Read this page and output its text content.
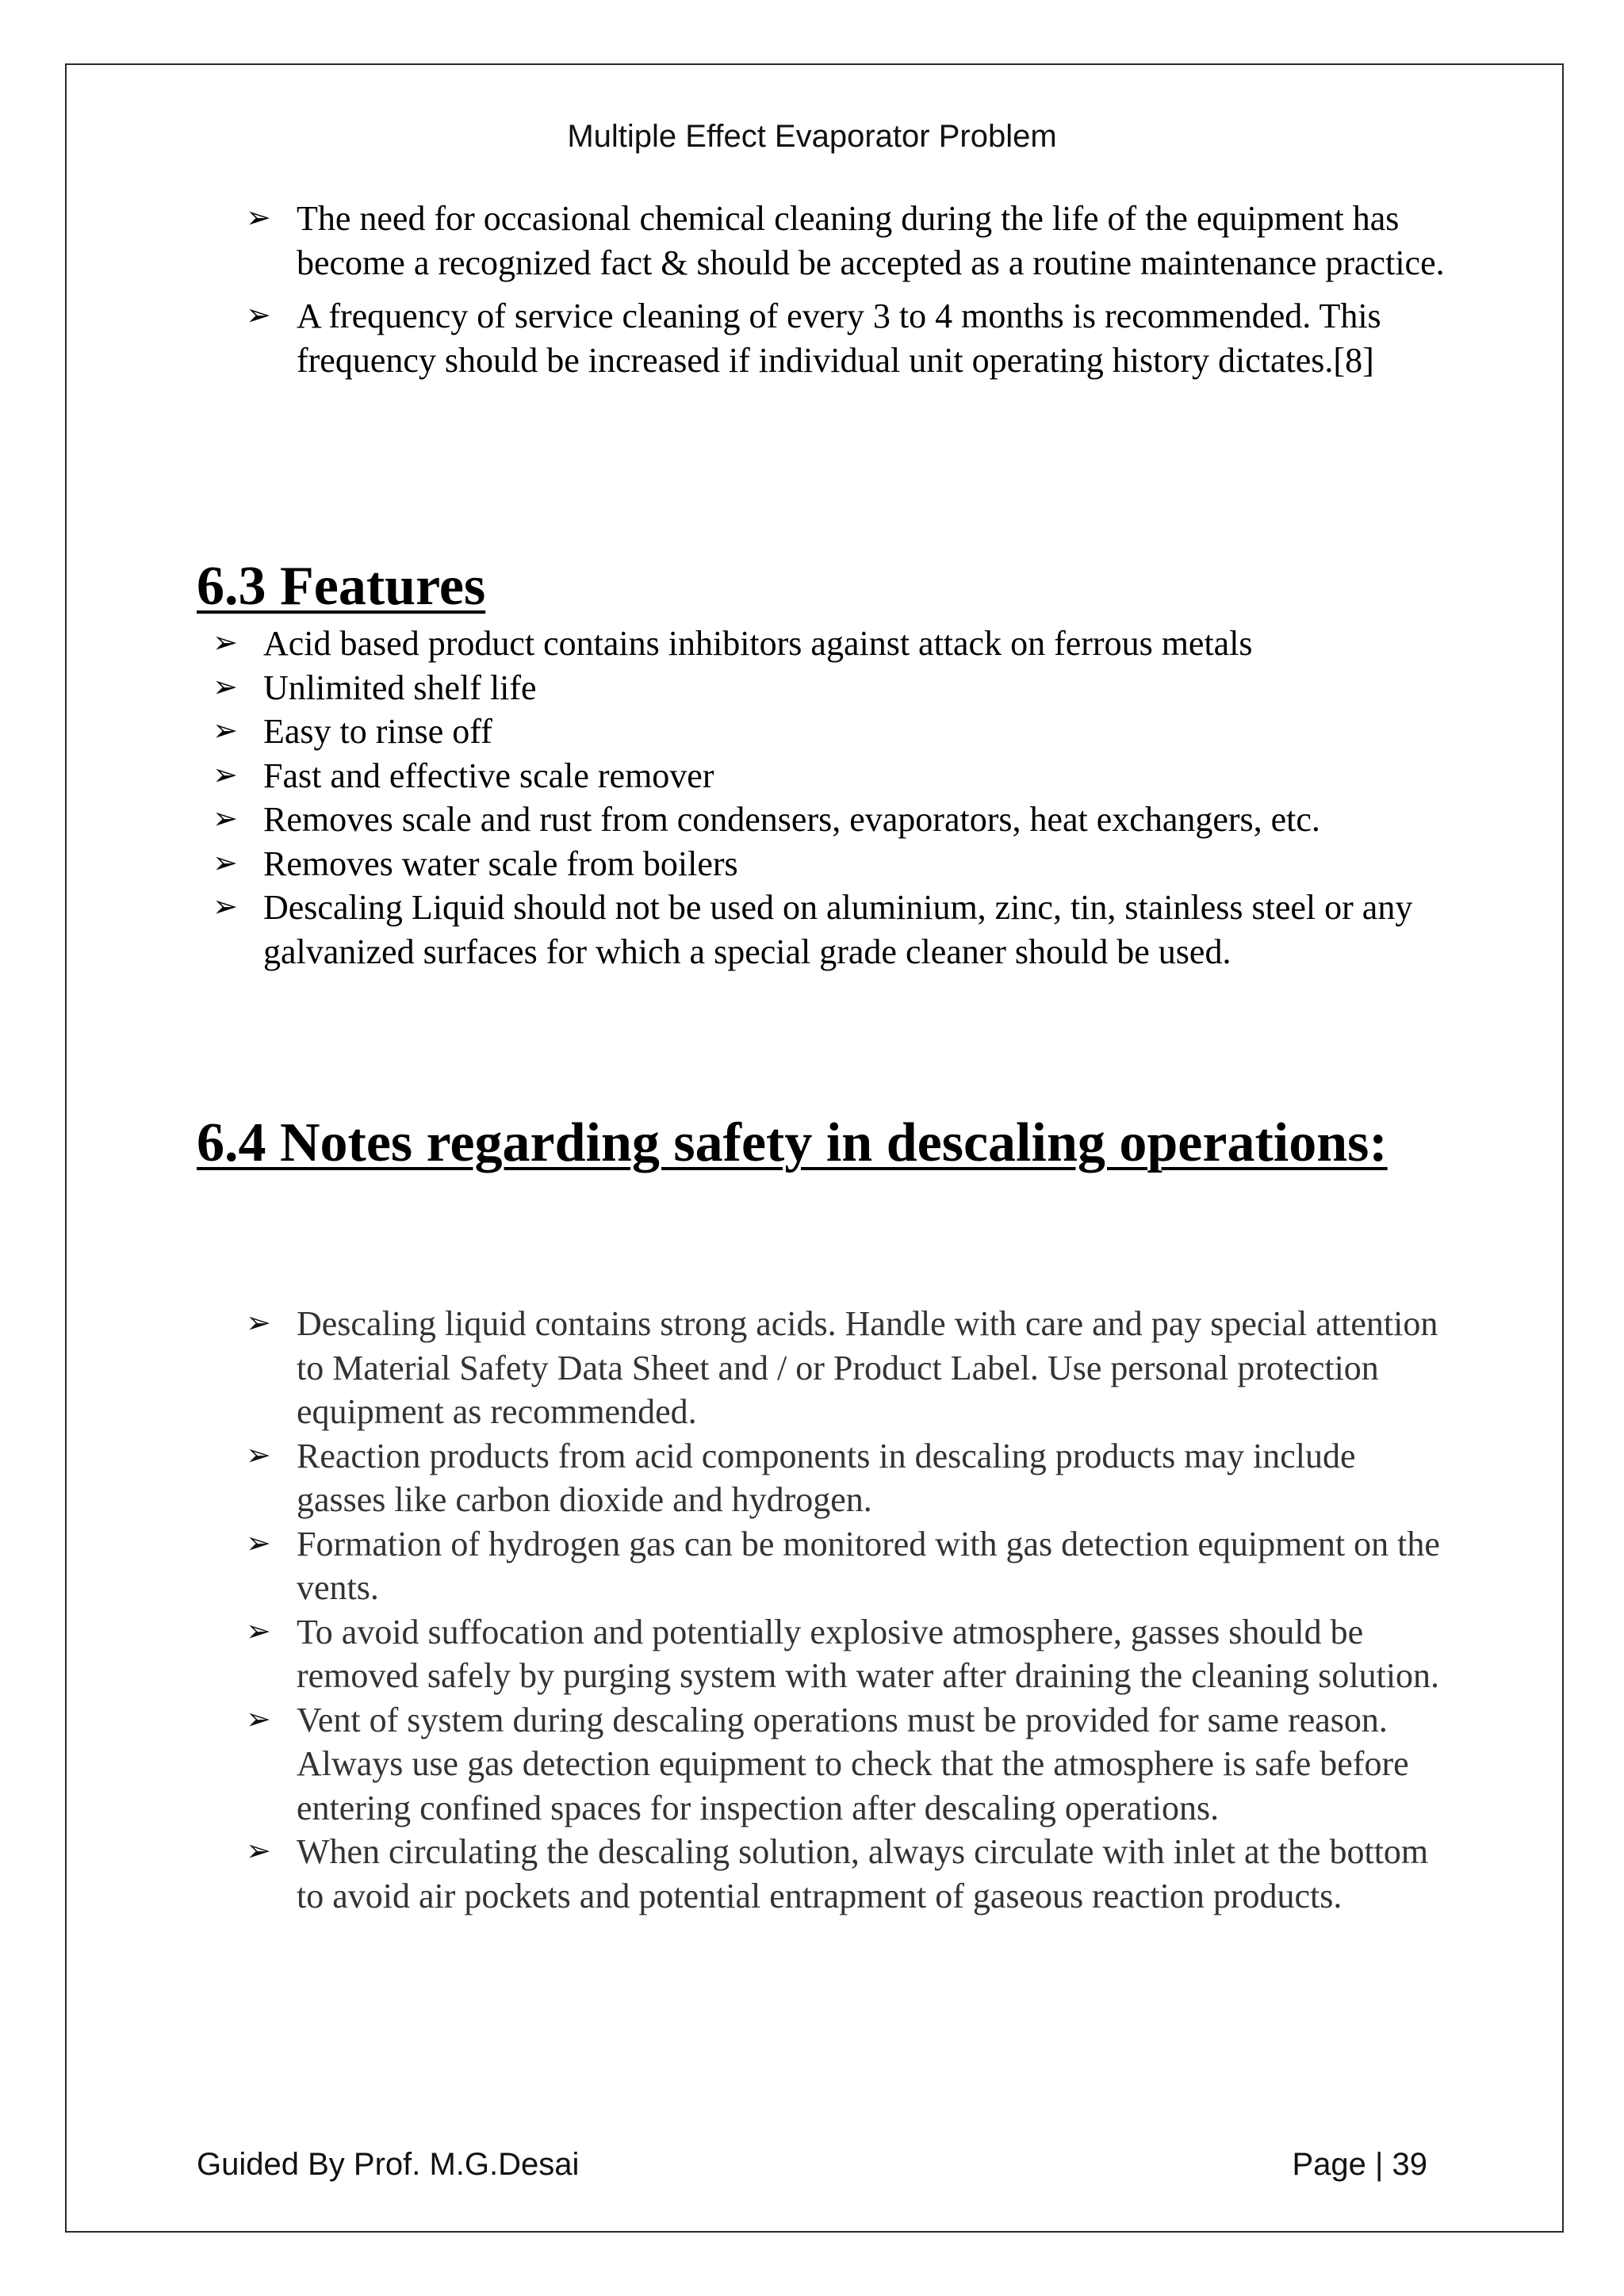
Multiple Effect Evaporator Problem
➢ The need for occasional chemical cleaning during the life of the equipment has become a recognized fact & should be accepted as a routine maintenance practice.
➢ A frequency of service cleaning of every 3 to 4 months is recommended. This frequency should be increased if individual unit operating history dictates.[8]
6.3 Features
➢ Acid based product contains inhibitors against attack on ferrous metals
➢ Unlimited shelf life
➢ Easy to rinse off
➢ Fast and effective scale remover
➢ Removes scale and rust from condensers, evaporators, heat exchangers, etc.
➢ Removes water scale from boilers
➢ Descaling Liquid should not be used on aluminium, zinc, tin, stainless steel or any galvanized surfaces for which a special grade cleaner should be used.
6.4 Notes regarding safety in descaling operations:
➢ Descaling liquid contains strong acids. Handle with care and pay special attention to Material Safety Data Sheet and / or Product Label. Use personal protection equipment as recommended.
➢ Reaction products from acid components in descaling products may include gasses like carbon dioxide and hydrogen.
➢ Formation of hydrogen gas can be monitored with gas detection equipment on the vents.
➢ To avoid suffocation and potentially explosive atmosphere, gasses should be removed safely by purging system with water after draining the cleaning solution.
➢ Vent of system during descaling operations must be provided for same reason. Always use gas detection equipment to check that the atmosphere is safe before entering confined spaces for inspection after descaling operations.
➢ When circulating the descaling solution, always circulate with inlet at the bottom to avoid air pockets and potential entrapment of gaseous reaction products.
Guided By Prof. M.G.Desai	Page | 39
